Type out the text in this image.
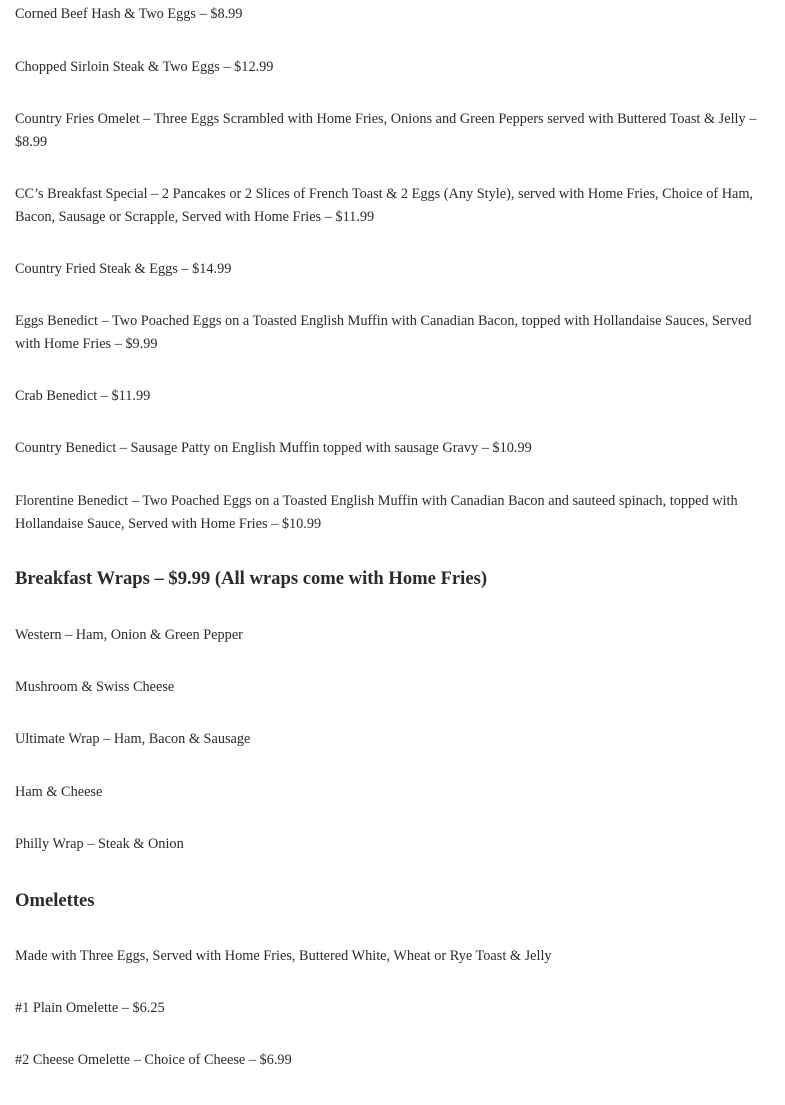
Corned Beef Hash & Two Eggs – $8.99

Chopped Sirloin Steak & Two Eggs – $12.99

Country Fries Omelet – Three Eggs Scrambled with Home Fries, Onions and Green Peppers served with Buttered Toast & Jelly – $8.99

CC’s Breakfast Special – 2 Pancakes or 2 Slices of French Toast & 2 Eggs (Any Style), served with Home Fries, Choice of Ham, Bacon, Sausage or Scrapple, Served with Home Fries – $11.99

Country Fried Steak & Eggs – $14.99

Eggs Benedict – Two Poached Eggs on a Toasted English Muffin with Canadian Bacon, topped with Hollandaise Sauces, Served with Home Fries – $9.99

Crab Benedict – $11.99

Country Benedict – Sausage Patty on English Muffin topped with sausage Gravy – $10.99

Florentine Benedict – Two Poached Eggs on a Toasted English Muffin with Canadian Bacon and sauteed spinach, topped with Hollandaise Sauce, Served with Home Fries – $10.99

Breakfast Wraps – $9.99 (All wraps come with Home Fries)

Western – Ham, Onion & Green Pepper

Mushroom & Swiss Cheese

Ultimate Wrap – Ham, Bacon & Sausage

Ham & Cheese

Philly Wrap – Steak & Onion

Omelettes

Made with Three Eggs, Served with Home Fries, Buttered White, Wheat or Rye Toast & Jelly

#1 Plain Omelette – $6.25

#2 Cheese Omelette – Choice of Cheese – $6.99
